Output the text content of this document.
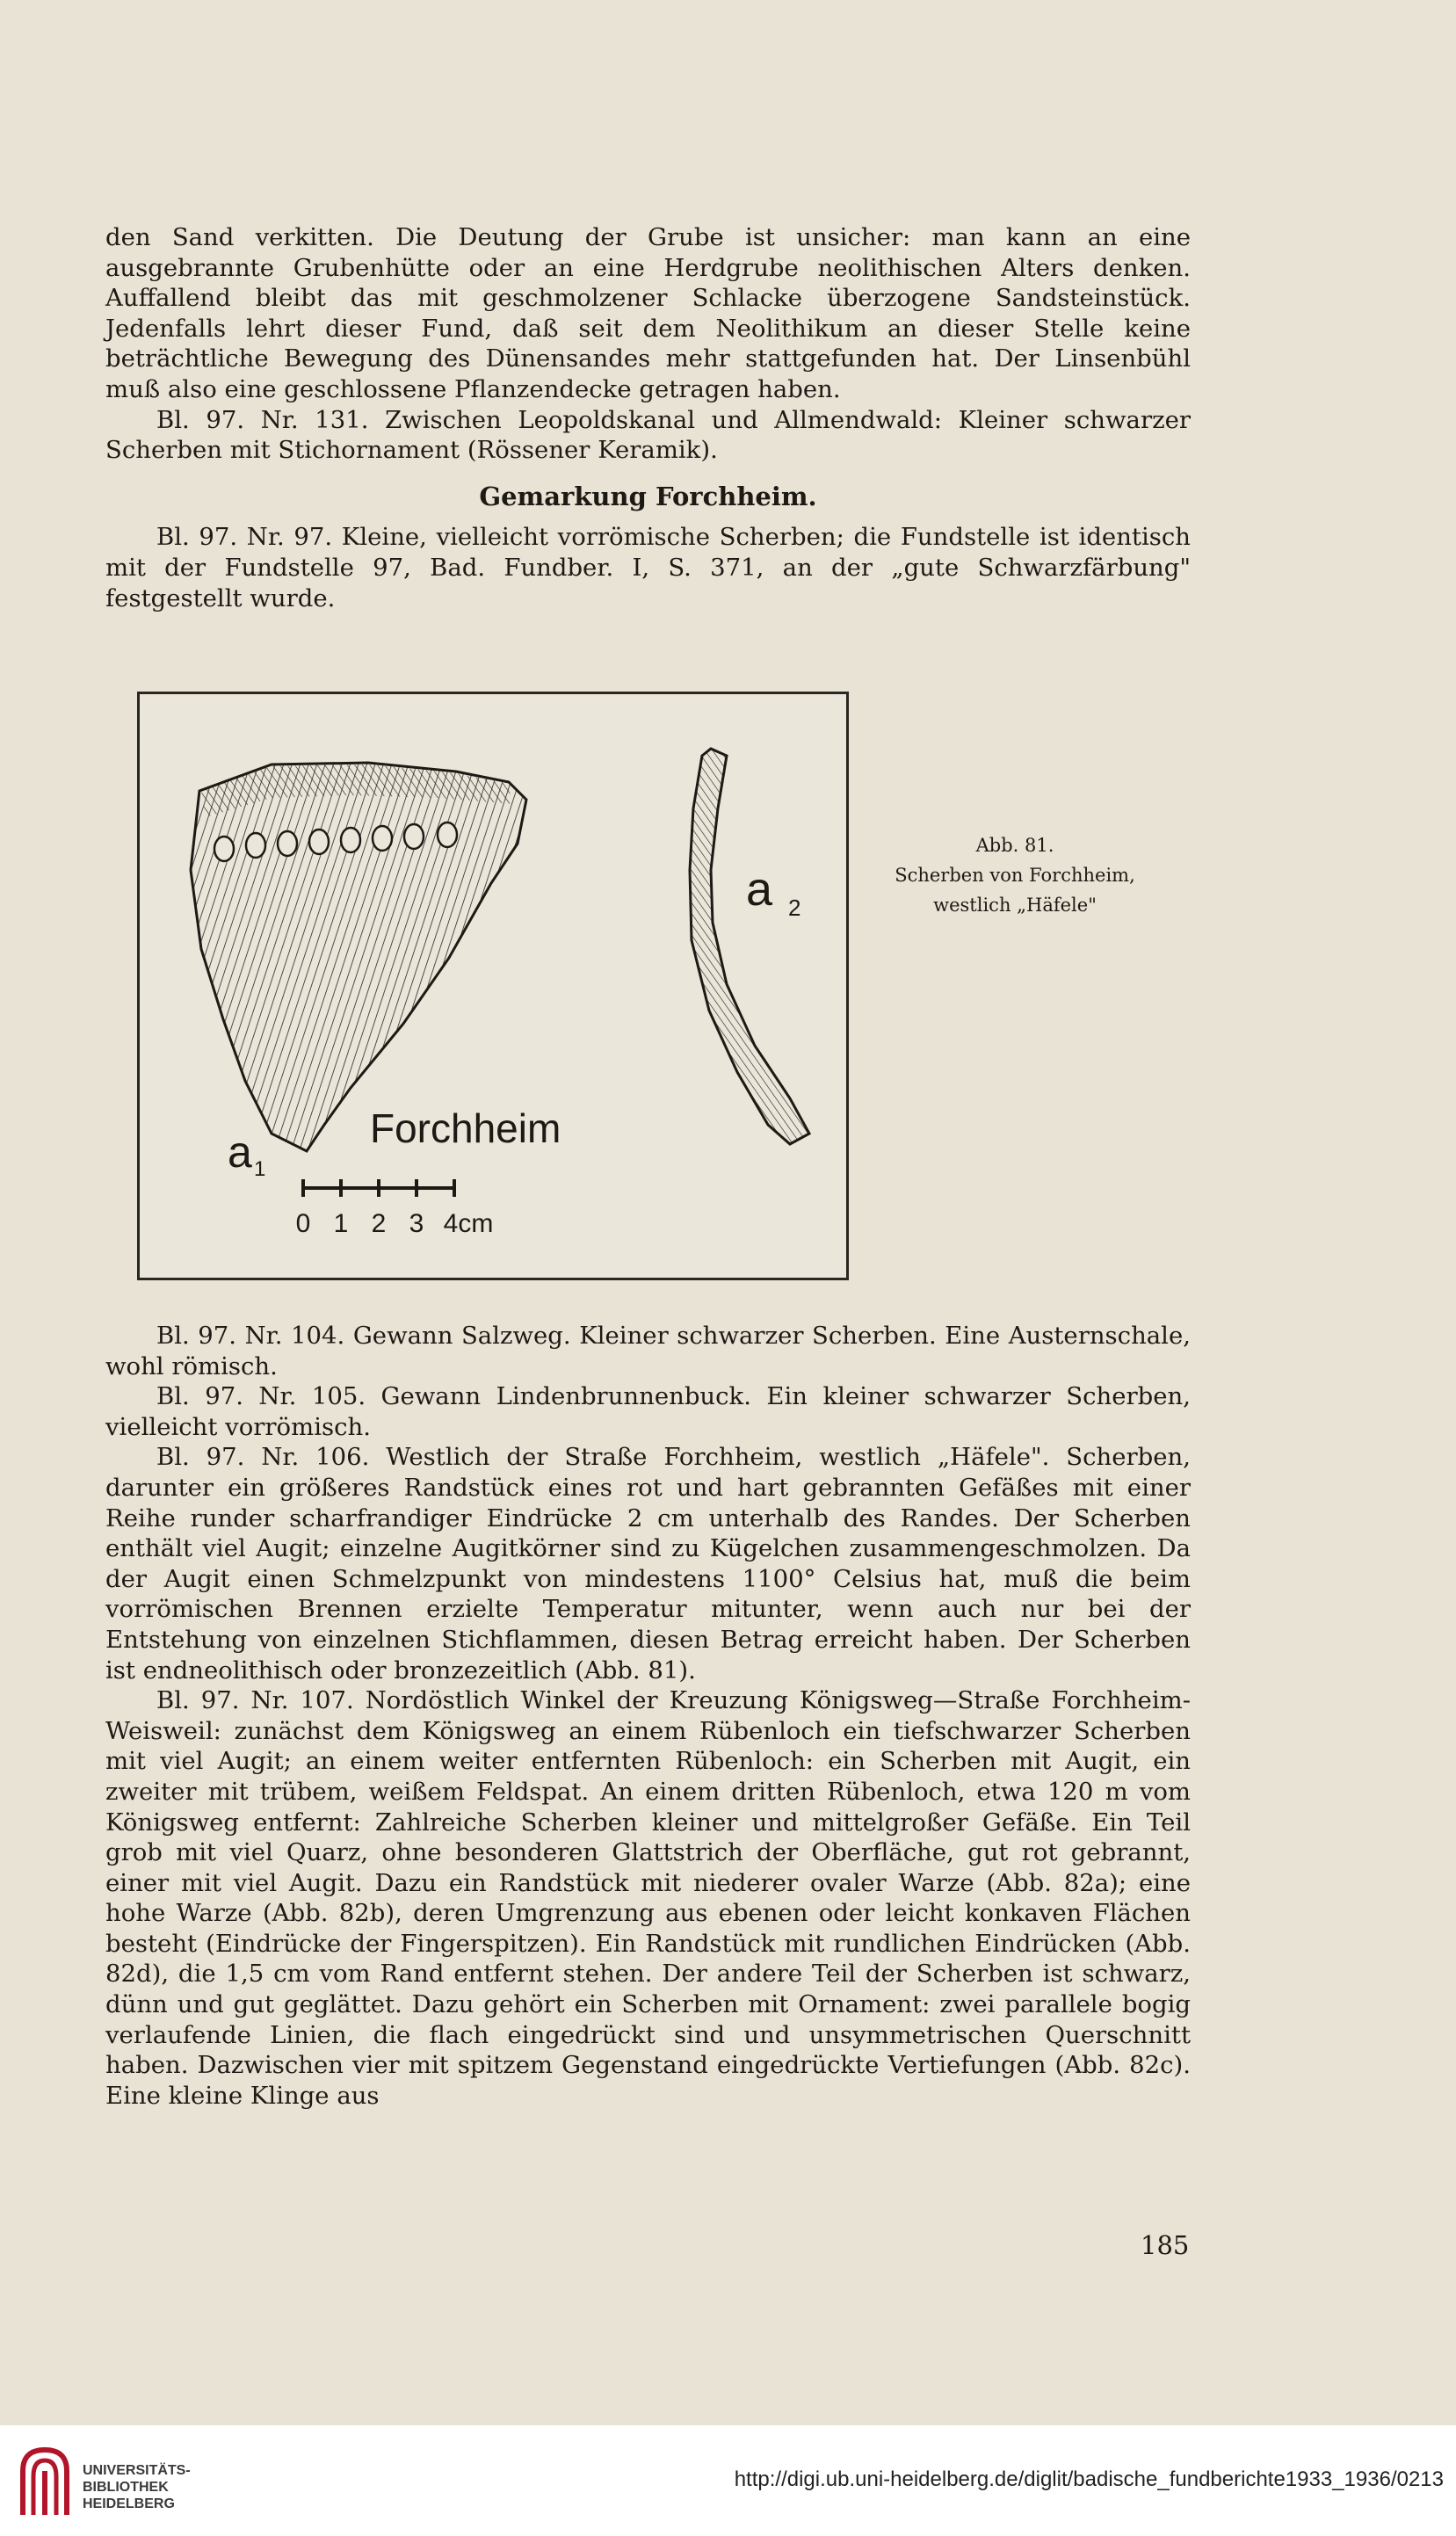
den Sand verkitten. Die Deutung der Grube ist unsicher: man kann an eine ausgebrannte Grubenhütte oder an eine Herdgrube neolithischen Alters denken. Auffallend bleibt das mit geschmolzener Schlacke überzogene Sandsteinstück. Jedenfalls lehrt dieser Fund, daß seit dem Neolithikum an dieser Stelle keine beträchtliche Bewegung des Dünensandes mehr stattgefunden hat. Der Linsenbühl muß also eine geschlossene Pflanzendecke getragen haben.

Bl. 97. Nr. 131. Zwischen Leopoldskanal und Allmendwald: Kleiner schwarzer Scherben mit Stichornament (Rössener Keramik).

Gemarkung Forchheim.

Bl. 97. Nr. 97. Kleine, vielleicht vorrömische Scherben; die Fundstelle ist identisch mit der Fundstelle 97, Bad. Fundber. I, S. 371, an der „gute Schwarzfärbung" festgestellt wurde.

0 1 2 3 4cm
Forchheim
a 1
a 2
Abb. 81.
Scherben von Forchheim,
westlich „Häfele"

Bl. 97. Nr. 104. Gewann Salzweg. Kleiner schwarzer Scherben. Eine Austernschale, wohl römisch.

Bl. 97. Nr. 105. Gewann Lindenbrunnenbuck. Ein kleiner schwarzer Scherben, vielleicht vorrömisch.

Bl. 97. Nr. 106. Westlich der Straße Forchheim, westlich „Häfele". Scherben, darunter ein größeres Randstück eines rot und hart gebrannten Gefäßes mit einer Reihe runder scharfrandiger Eindrücke 2 cm unterhalb des Randes. Der Scherben enthält viel Augit; einzelne Augitkörner sind zu Kügelchen zusammengeschmolzen. Da der Augit einen Schmelzpunkt von mindestens 1100° Celsius hat, muß die beim vorrömischen Brennen erzielte Temperatur mitunter, wenn auch nur bei der Entstehung von einzelnen Stichflammen, diesen Betrag erreicht haben. Der Scherben ist endneolithisch oder bronzezeitlich (Abb. 81).

Bl. 97. Nr. 107. Nordöstlich Winkel der Kreuzung Königsweg—Straße Forchheim-Weisweil: zunächst dem Königsweg an einem Rübenloch ein tiefschwarzer Scherben mit viel Augit; an einem weiter entfernten Rübenloch: ein Scherben mit Augit, ein zweiter mit trübem, weißem Feldspat. An einem dritten Rübenloch, etwa 120 m vom Königsweg entfernt: Zahlreiche Scherben kleiner und mittelgroßer Gefäße. Ein Teil grob mit viel Quarz, ohne besonderen Glattstrich der Oberfläche, gut rot gebrannt, einer mit viel Augit. Dazu ein Randstück mit niederer ovaler Warze (Abb. 82a); eine hohe Warze (Abb. 82b), deren Umgrenzung aus ebenen oder leicht konkaven Flächen besteht (Eindrücke der Fingerspitzen). Ein Randstück mit rundlichen Eindrücken (Abb. 82d), die 1,5 cm vom Rand entfernt stehen. Der andere Teil der Scherben ist schwarz, dünn und gut geglättet. Dazu gehört ein Scherben mit Ornament: zwei parallele bogig verlaufende Linien, die flach eingedrückt sind und unsymmetrischen Querschnitt haben. Dazwischen vier mit spitzem Gegenstand eingedrückte Vertiefungen (Abb. 82c). Eine kleine Klinge aus

185
UNIVERSITÄTS-
BIBLIOTHEK
HEIDELBERG
http://digi.ub.uni-heidelberg.de/diglit/badische_fundberichte1933_1936/0213
